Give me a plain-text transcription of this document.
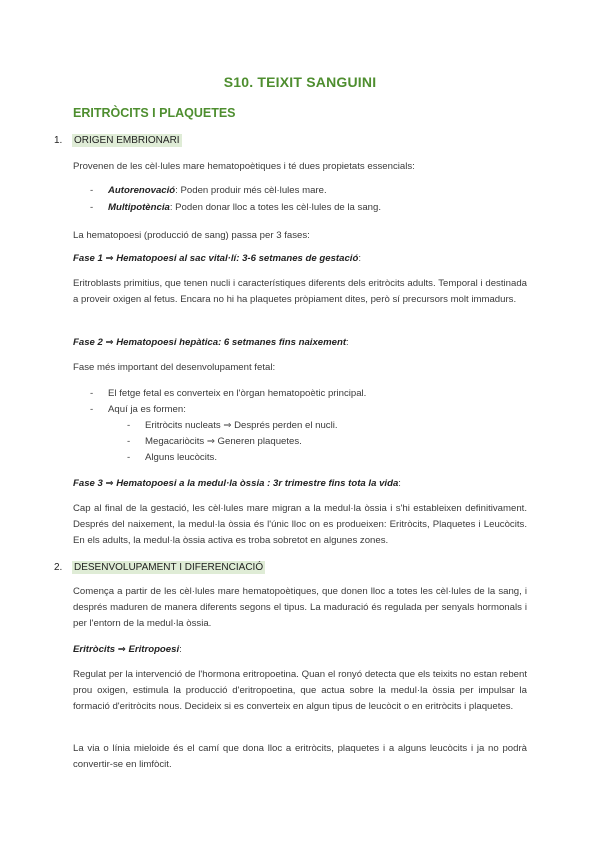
S10. TEIXIT SANGUINI
ERITRÒCITS I PLAQUETES
1. ORIGEN EMBRIONARI
Provenen de les cèl·lules mare hematopoètiques i té dues propietats essencials:
- Autorenovació: Poden produir més cèl·lules mare.
- Multipotència: Poden donar lloc a totes les cèl·lules de la sang.
La hematopoesi (producció de sang) passa per 3 fases:
Fase 1 ⇒ Hematopoesi al sac vital·lí: 3-6 setmanes de gestació:
Eritroblasts primitius, que tenen nucli i característiques diferents dels eritròcits adults. Temporal i destinada a proveir oxigen al fetus. Encara no hi ha plaquetes pròpiament dites, però sí precursors molt immadurs.
Fase 2 ⇒ Hematopoesi hepàtica: 6 setmanes fins naixement:
Fase més important del desenvolupament fetal:
- El fetge fetal es converteix en l'òrgan hematopoètic principal.
- Aquí ja es formen:
- Eritròcits nucleats ⇒ Després perden el nucli.
- Megacariòcits ⇒ Generen plaquetes.
- Alguns leucòcits.
Fase 3 ⇒ Hematopoesi a la medul·la òssia : 3r trimestre fins tota la vida:
Cap al final de la gestació, les cèl·lules mare migran a la medul·la òssia i s'hi estableixen definitivament. Després del naixement, la medul·la òssia és l'únic lloc on es produeixen: Eritròcits, Plaquetes i Leucòcits. En els adults, la medul·la òssia activa es troba sobretot en algunes zones.
2. DESENVOLUPAMENT I DIFERENCIACIÓ
Comença a partir de les cèl·lules mare hematopoètiques, que donen lloc a totes les cèl·lules de la sang, i després maduren de manera diferents segons el tipus. La maduració és regulada per senyals hormonals i per l'entorn de la medul·la òssia.
Eritròcits ⇒ Eritropoesi:
Regulat per la intervenció de l'hormona eritropoetina. Quan el ronyó detecta que els teixits no estan rebent prou oxigen, estimula la producció d'eritropoetina, que actua sobre la medul·la òssia per impulsar la formació d'eritròcits nous. Decideix si es converteix en algun tipus de leucòcit o en eritròcits i plaquetes.
La via o línia mieloide és el camí que dona lloc a eritròcits, plaquetes i a alguns leucòcits i ja no podrà convertir-se en limfòcit.
